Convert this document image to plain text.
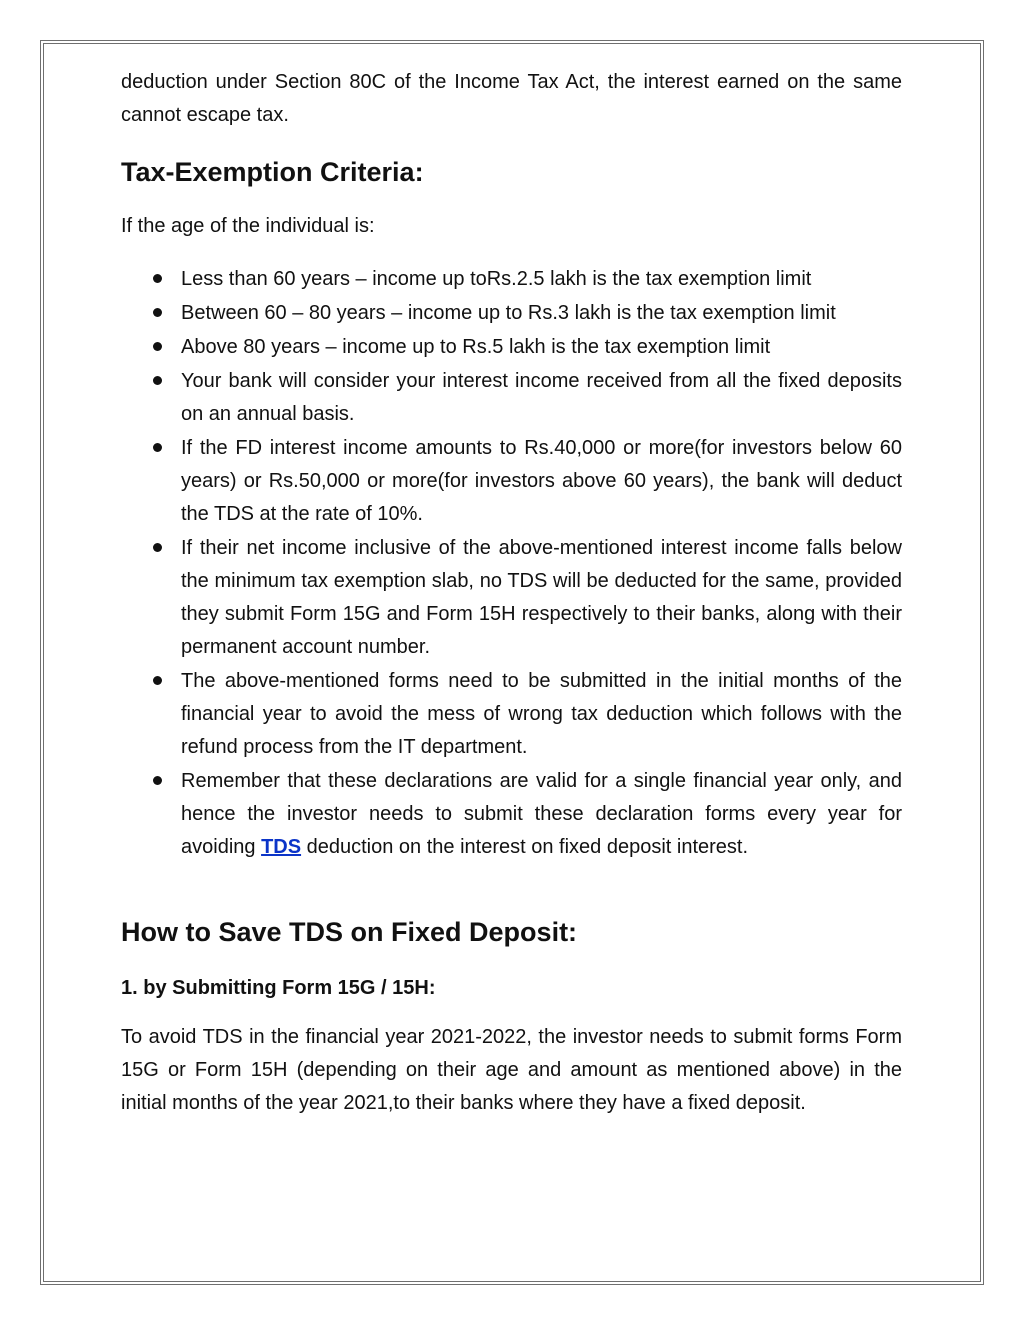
deduction under Section 80C of the Income Tax Act, the interest earned on the same cannot escape tax.

Tax-Exemption Criteria:

If the age of the individual is:

Less than 60 years – income up toRs.2.5 lakh is the tax exemption limit
Between 60 – 80 years – income up to Rs.3 lakh is the tax exemption limit
Above 80 years – income up to Rs.5 lakh is the tax exemption limit
Your bank will consider your interest income received from all the fixed deposits on an annual basis.
If the FD interest income amounts to Rs.40,000 or more(for investors below 60 years) or Rs.50,000 or more(for investors above 60 years), the bank will deduct the TDS at the rate of 10%.
If their net income inclusive of the above-mentioned interest income falls below the minimum tax exemption slab, no TDS will be deducted for the same, provided they submit Form 15G and Form 15H respectively to their banks, along with their permanent account number.
The above-mentioned forms need to be submitted in the initial months of the financial year to avoid the mess of wrong tax deduction which follows with the refund process from the IT department.
Remember that these declarations are valid for a single financial year only, and hence the investor needs to submit these declaration forms every year for avoiding TDS deduction on the interest on fixed deposit interest.
How to Save TDS on Fixed Deposit:
1. by Submitting Form 15G / 15H:

To avoid TDS in the financial year 2021-2022, the investor needs to submit forms Form 15G or Form 15H (depending on their age and amount as mentioned above) in the initial months of the year 2021,to their banks where they have a fixed deposit.
